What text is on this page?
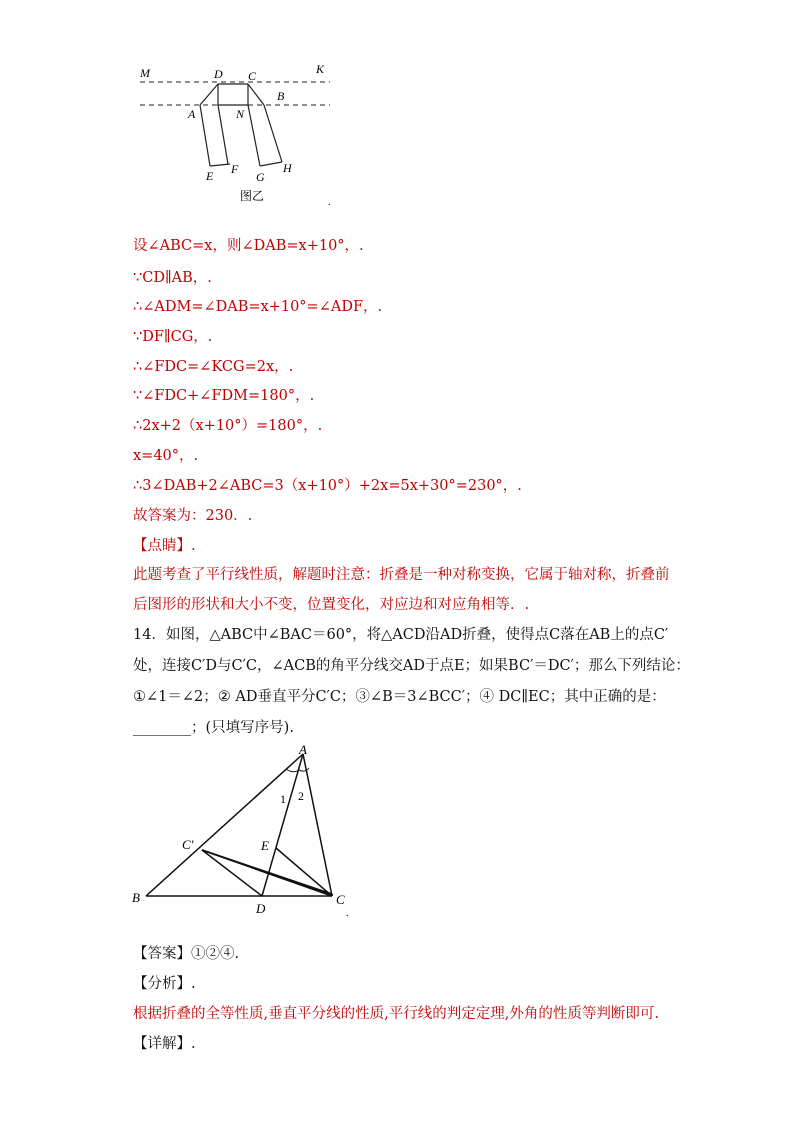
M	D C	K
B
A	N
E F
G
H
图乙	.
设∠ABC=x，则∠DAB=x+10°，.
∵CD∥AB，.
∴∠ADM=∠DAB=x+10°=∠ADF，.
∵DF∥CG，.
∴∠FDC=∠KCG=2x，.
∵∠FDC+∠FDM=180°，.
∴2x+2（x+10°）=180°，.
x=40°，.
∴3∠DAB+2∠ABC=3（x+10°）+2x=5x+30°=230°，.
故答案为：230．.
【点睛】.
此题考查了平行线性质，解题时注意：折叠是一种对称变换，它属于轴对称，折叠前
后图形的形状和大小不变，位置变化，对应边和对应角相等．.
14．如图，△ABC中∠BAC＝60°，将△ACD沿AD折叠，使得点C落在AB上的点C′
处，连接C′D与C′C，∠ACB的角平分线交AD于点E；如果BC′＝DC′；那么下列结论：
①∠1＝∠2；② AD垂直平分C′C；③∠B＝3∠BCC′；④ DC∥EC；其中正确的是：
________；(只填写序号).
A
B	C
D
E
C′
1 2
.
【答案】①②④.
【分析】.
根据折叠的全等性质,垂直平分线的性质,平行线的判定定理,外角的性质等判断即可.
【详解】.
